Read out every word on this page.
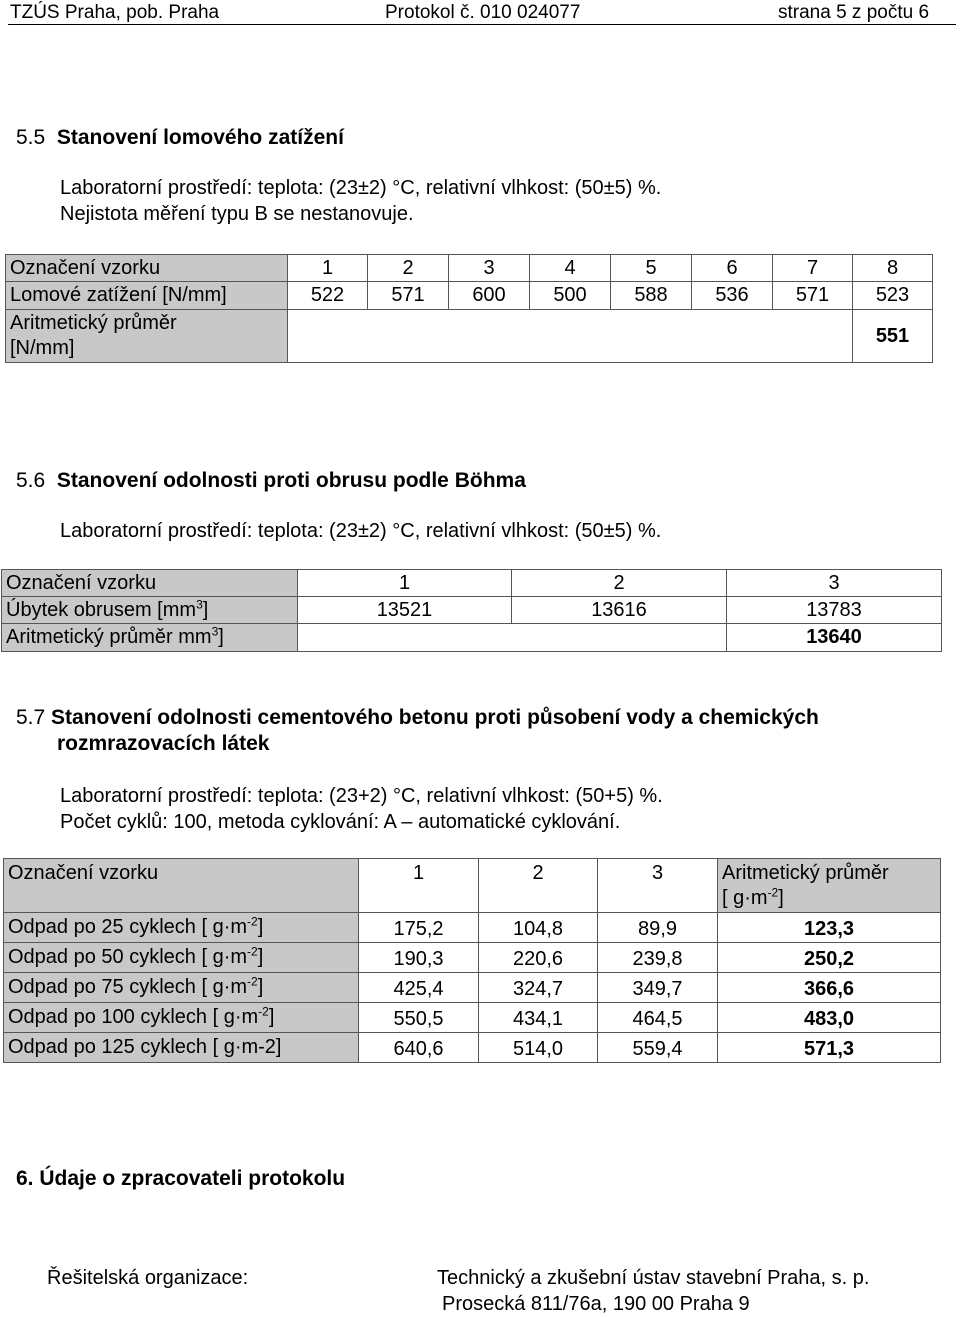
TZÚS Praha, pob. Praha	Protokol č. 010 024077	strana 5 z počtu 6
5.5 Stanovení lomového zatížení
Laboratorní prostředí: teplota: (23±2) °C, relativní vlhkost: (50±5) %.
Nejistota měření typu B se nestanovuje.
Označení vzorku	1	2	3	4	5	6	7	8
Lomové zatížení [N/mm]	522	571	600	500	588	536	571	523
Aritmetický průměr
[N/mm]								551
5.6 Stanovení odolnosti proti obrusu podle Böhma
Laboratorní prostředí: teplota: (23±2) °C, relativní vlhkost: (50±5) %.
Označení vzorku	1	2	3
Úbytek obrusem $[mm^3]$	13521	13616	13783
Aritmetický průměr $mm^3$]			13640
5.7 Stanovení odolnosti cementového betonu proti působení vody a chemických
rozmrazovacích látek
Laboratorní prostředí: teplota: (23+2) °C, relativní vlhkost: (50+5) %.
Počet cyklů: 100, metoda cyklování: A – automatické cyklování.
Označení vzorku	1	2	3	Aritmetický průměr
[ $g\cdot m^{-2}$]
Odpad po 25 cyklech [ $g\cdot m^{-2}$]	175,2	104,8	89,9	123,3
Odpad po 50 cyklech [ $g\cdot m^{-2}$]	190,3	220,6	239,8	250,2
Odpad po 75 cyklech [ $g\cdot m^{-2}$]	425,4	324,7	349,7	366,6
Odpad po 100 cyklech [ $g\cdot m^{-2}$]	550,5	434,1	464,5	483,0
Odpad po 125 cyklech [ g·m-2]	640,6	514,0	559,4	571,3
6. Údaje o zpracovateli protokolu
Řešitelská organizace:	Technický a zkušební ústav stavební Praha, s. p.
Prosecká 811/76a, 190 00 Praha 9
